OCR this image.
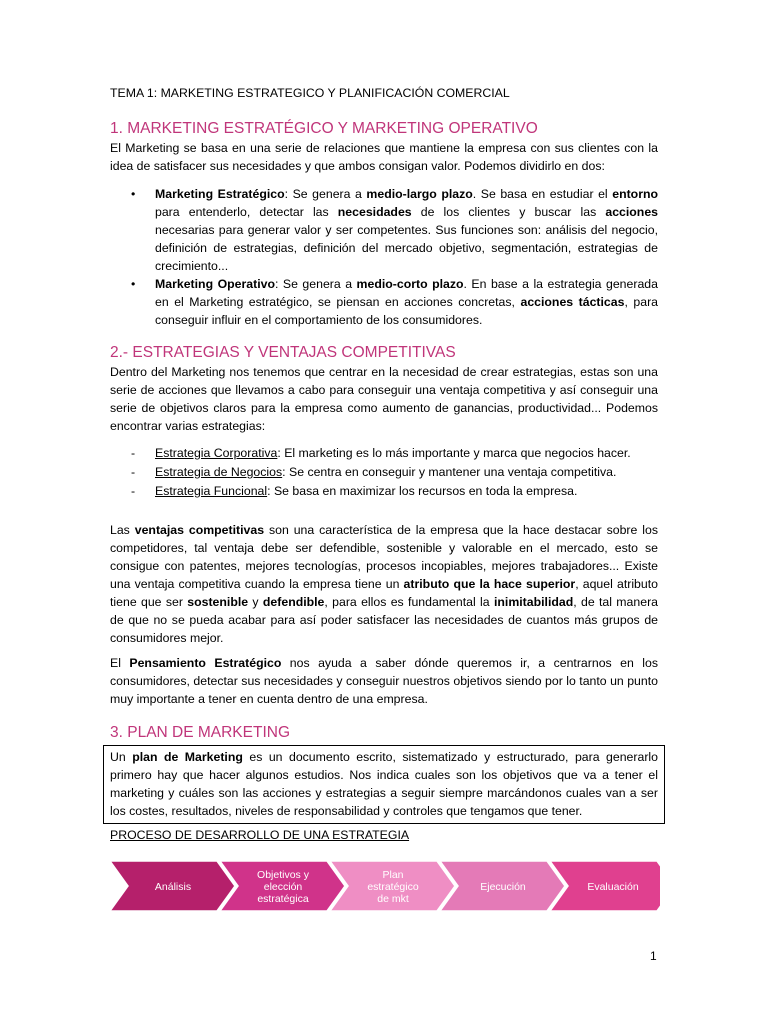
TEMA 1: MARKETING ESTRATEGICO Y PLANIFICACIÓN COMERCIAL
1. MARKETING ESTRATÉGICO Y MARKETING OPERATIVO

El Marketing se basa en una serie de relaciones que mantiene la empresa con sus clientes con la idea de satisfacer sus necesidades y que ambos consigan valor. Podemos dividirlo en dos:

• Marketing Estratégico: Se genera a medio-largo plazo. Se basa en estudiar el entorno para entenderlo, detectar las necesidades de los clientes y buscar las acciones necesarias para generar valor y ser competentes. Sus funciones son: análisis del negocio, definición de estrategias, definición del mercado objetivo, segmentación, estrategias de crecimiento...
• Marketing Operativo: Se genera a medio-corto plazo. En base a la estrategia generada en el Marketing estratégico, se piensan en acciones concretas, acciones tácticas, para conseguir influir en el comportamiento de los consumidores.
2.- ESTRATEGIAS Y VENTAJAS COMPETITIVAS

Dentro del Marketing nos tenemos que centrar en la necesidad de crear estrategias, estas son una serie de acciones que llevamos a cabo para conseguir una ventaja competitiva y así conseguir una serie de objetivos claros para la empresa como aumento de ganancias, productividad... Podemos encontrar varias estrategias:

- Estrategia Corporativa: El marketing es lo más importante y marca que negocios hacer.
- Estrategia de Negocios: Se centra en conseguir y mantener una ventaja competitiva.
- Estrategia Funcional: Se basa en maximizar los recursos en toda la empresa.

Las ventajas competitivas son una característica de la empresa que la hace destacar sobre los competidores, tal ventaja debe ser defendible, sostenible y valorable en el mercado, esto se consigue con patentes, mejores tecnologías, procesos incopiables, mejores trabajadores... Existe una ventaja competitiva cuando la empresa tiene un atributo que la hace superior, aquel atributo tiene que ser sostenible y defendible, para ellos es fundamental la inimitabilidad, de tal manera de que no se pueda acabar para así poder satisfacer las necesidades de cuantos más grupos de consumidores mejor.

El Pensamiento Estratégico nos ayuda a saber dónde queremos ir, a centrarnos en los consumidores, detectar sus necesidades y conseguir nuestros objetivos siendo por lo tanto un punto muy importante a tener en cuenta dentro de una empresa.

3. PLAN DE MARKETING

Un plan de Marketing es un documento escrito, sistematizado y estructurado, para generarlo primero hay que hacer algunos estudios. Nos indica cuales son los objetivos que va a tener el marketing y cuáles son las acciones y estrategias a seguir siempre marcándonos cuales van a ser los costes, resultados, niveles de responsabilidad y controles que tengamos que tener.

PROCESO DE DESARROLLO DE UNA ESTRATEGIA
Análisis
Objetivos y
elección
estratégica
Plan
estratégico
de mkt
Ejecución	Evaluación
1
